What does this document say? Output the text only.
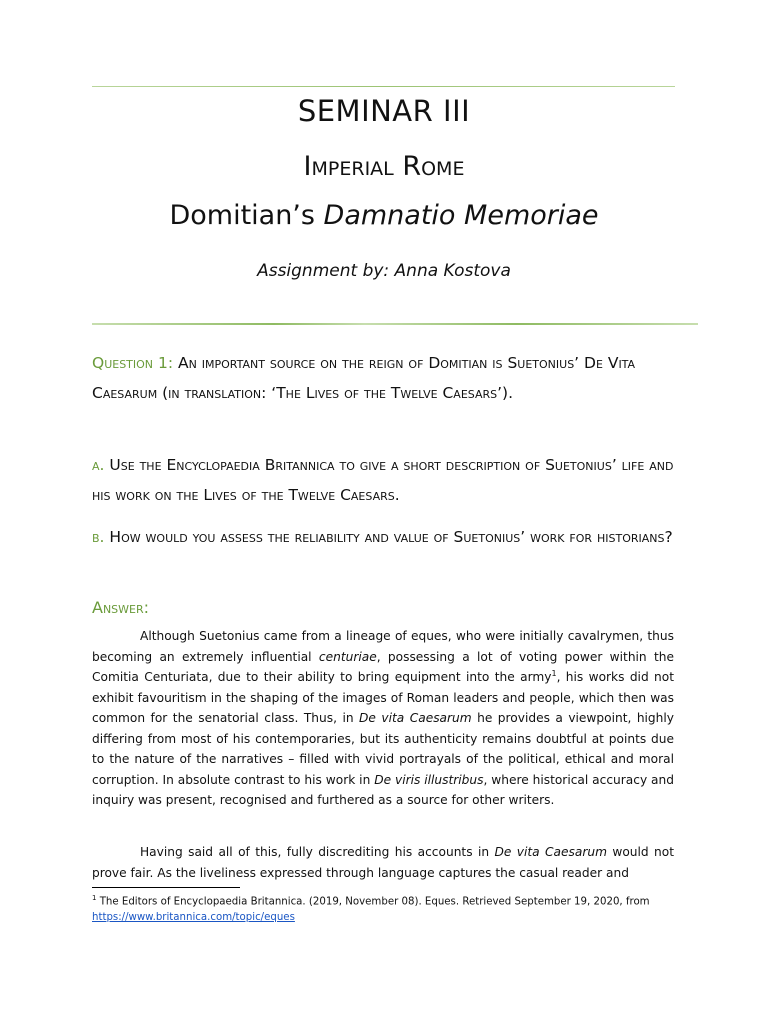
SEMINAR III
Imperial Rome
Domitian’s Damnatio Memoriae
Assignment by: Anna Kostova
Question 1: An important source on the reign of Domitian is Suetonius’ De Vita Caesarum (in translation: ‘The Lives of the Twelve Caesars’).
a. Use the Encyclopaedia Britannica to give a short description of Suetonius’ life and his work on the Lives of the Twelve Caesars.
b. How would you assess the reliability and value of Suetonius’ work for historians?
Answer:
Although Suetonius came from a lineage of eques, who were initially cavalrymen, thus becoming an extremely influential centuriae, possessing a lot of voting power within the Comitia Centuriata, due to their ability to bring equipment into the army$^1$, his works did not exhibit favouritism in the shaping of the images of Roman leaders and people, which then was common for the senatorial class. Thus, in De vita Caesarum he provides a viewpoint, highly differing from most of his contemporaries, but its authenticity remains doubtful at points due to the nature of the narratives – filled with vivid portrayals of the political, ethical and moral corruption. In absolute contrast to his work in De viris illustribus, where historical accuracy and inquiry was present, recognised and furthered as a source for other writers.
Having said all of this, fully discrediting his accounts in De vita Caesarum would not prove fair. As the liveliness expressed through language captures the casual reader and
$^1$ The Editors of Encyclopaedia Britannica. (2019, November 08). Eques. Retrieved September 19, 2020, from
https://www.britannica.com/topic/eques
